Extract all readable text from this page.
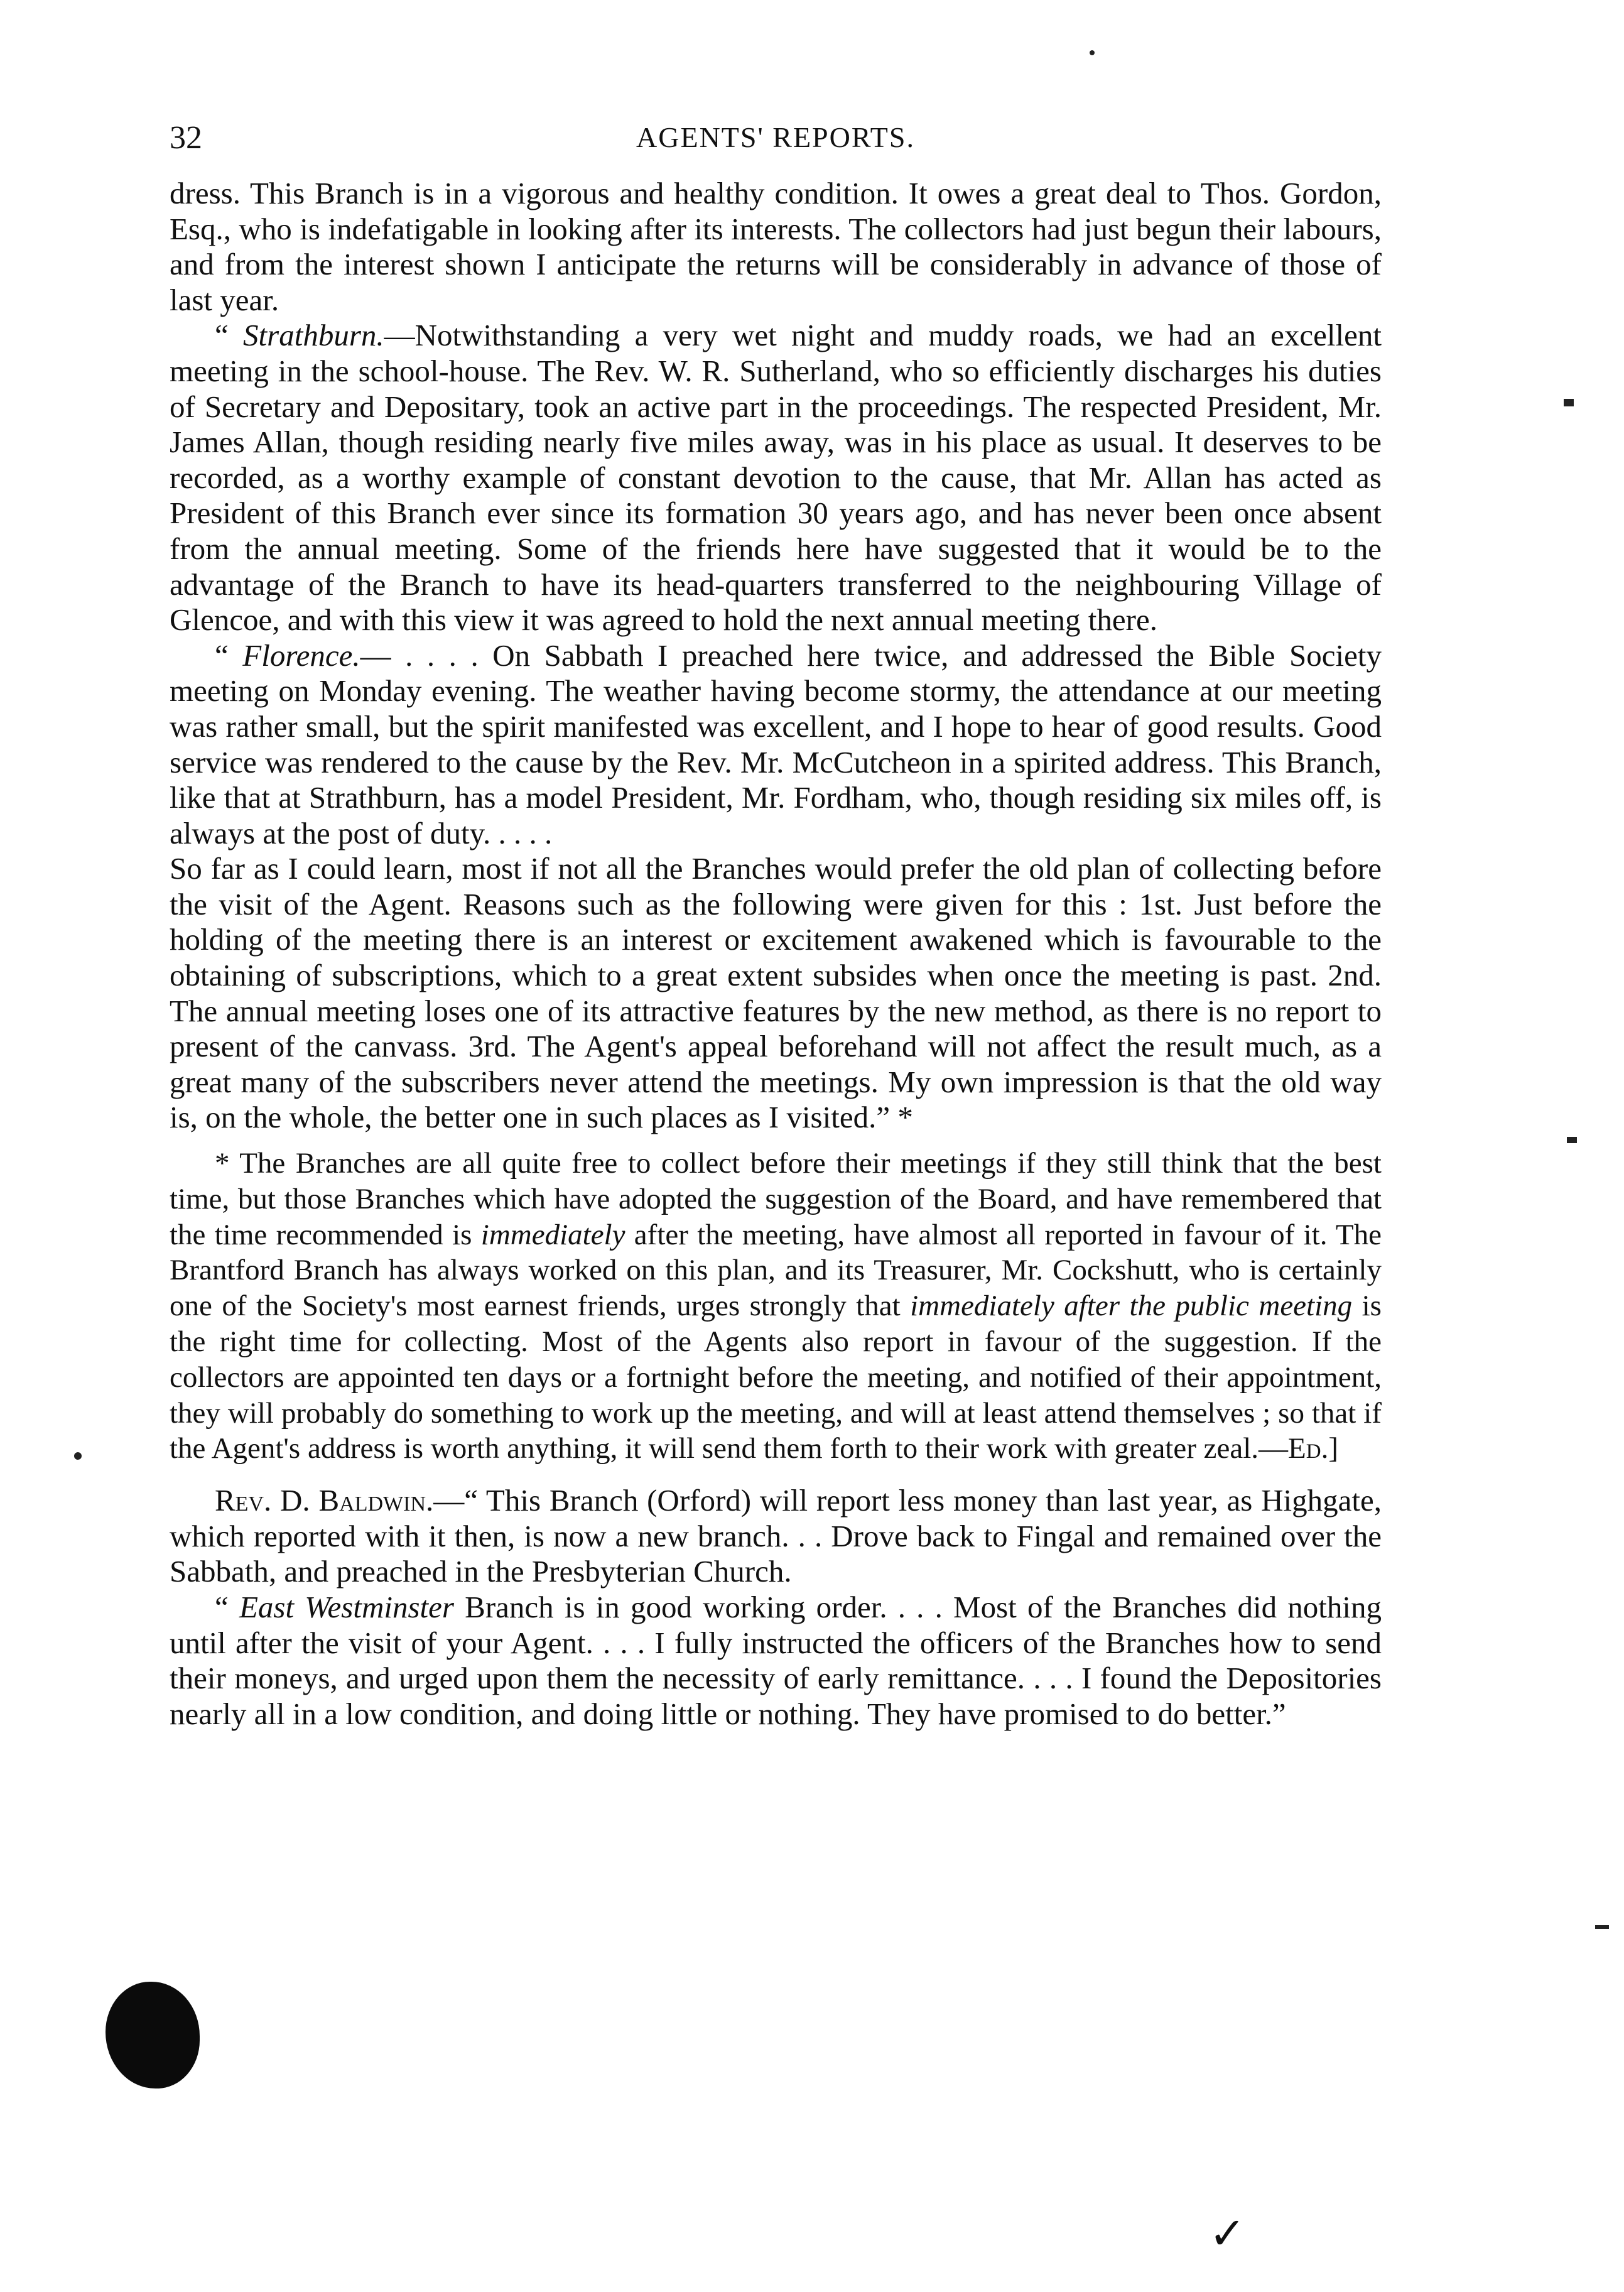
32	AGENTS' REPORTS.

dress. This Branch is in a vigorous and healthy condition. It owes a great deal to Thos. Gordon, Esq., who is indefatigable in looking after its interests. The collectors had just begun their labours, and from the interest shown I anticipate the returns will be considerably in advance of those of last year.

“ Strathburn.—Notwithstanding a very wet night and muddy roads, we had an excellent meeting in the school-house. The Rev. W. R. Sutherland, who so efficiently discharges his duties of Secretary and Depositary, took an active part in the proceedings. The respected President, Mr. James Allan, though residing nearly five miles away, was in his place as usual. It deserves to be recorded, as a worthy example of constant devotion to the cause, that Mr. Allan has acted as President of this Branch ever since its formation 30 years ago, and has never been once absent from the annual meeting. Some of the friends here have suggested that it would be to the advantage of the Branch to have its head-quarters transferred to the neighbouring Village of Glencoe, and with this view it was agreed to hold the next annual meeting there.

“ Florence.— . . . . On Sabbath I preached here twice, and addressed the Bible Society meeting on Monday evening. The weather having become stormy, the attendance at our meeting was rather small, but the spirit manifested was excellent, and I hope to hear of good results. Good service was rendered to the cause by the Rev. Mr. McCutcheon in a spirited address. This Branch, like that at Strathburn, has a model President, Mr. Fordham, who, though residing six miles off, is always at the post of duty. . . . .

So far as I could learn, most if not all the Branches would prefer the old plan of collecting before the visit of the Agent. Reasons such as the following were given for this : 1st. Just before the holding of the meeting there is an interest or excitement awakened which is favourable to the obtaining of subscriptions, which to a great extent subsides when once the meeting is past. 2nd. The annual meeting loses one of its attractive features by the new method, as there is no report to present of the canvass. 3rd. The Agent's appeal beforehand will not affect the result much, as a great many of the subscribers never attend the meetings. My own impression is that the old way is, on the whole, the better one in such places as I visited.” *

* The Branches are all quite free to collect before their meetings if they still think that the best time, but those Branches which have adopted the suggestion of the Board, and have remembered that the time recommended is immediately after the meeting, have almost all reported in favour of it. The Brantford Branch has always worked on this plan, and its Treasurer, Mr. Cockshutt, who is certainly one of the Society's most earnest friends, urges strongly that immediately after the public meeting is the right time for collecting. Most of the Agents also report in favour of the suggestion. If the collectors are appointed ten days or a fortnight before the meeting, and notified of their appointment, they will probably do something to work up the meeting, and will at least attend themselves ; so that if the Agent's address is worth anything, it will send them forth to their work with greater zeal.—Ed.]

Rev. D. Baldwin.—“ This Branch (Orford) will report less money than last year, as Highgate, which reported with it then, is now a new branch. . . Drove back to Fingal and remained over the Sabbath, and preached in the Presbyterian Church.

“ East Westminster Branch is in good working order. . . . Most of the Branches did nothing until after the visit of your Agent. . . . I fully instructed the officers of the Branches how to send their moneys, and urged upon them the necessity of early remittance. . . . I found the Depositories nearly all in a low condition, and doing little or nothing. They have promised to do better.”

✓
